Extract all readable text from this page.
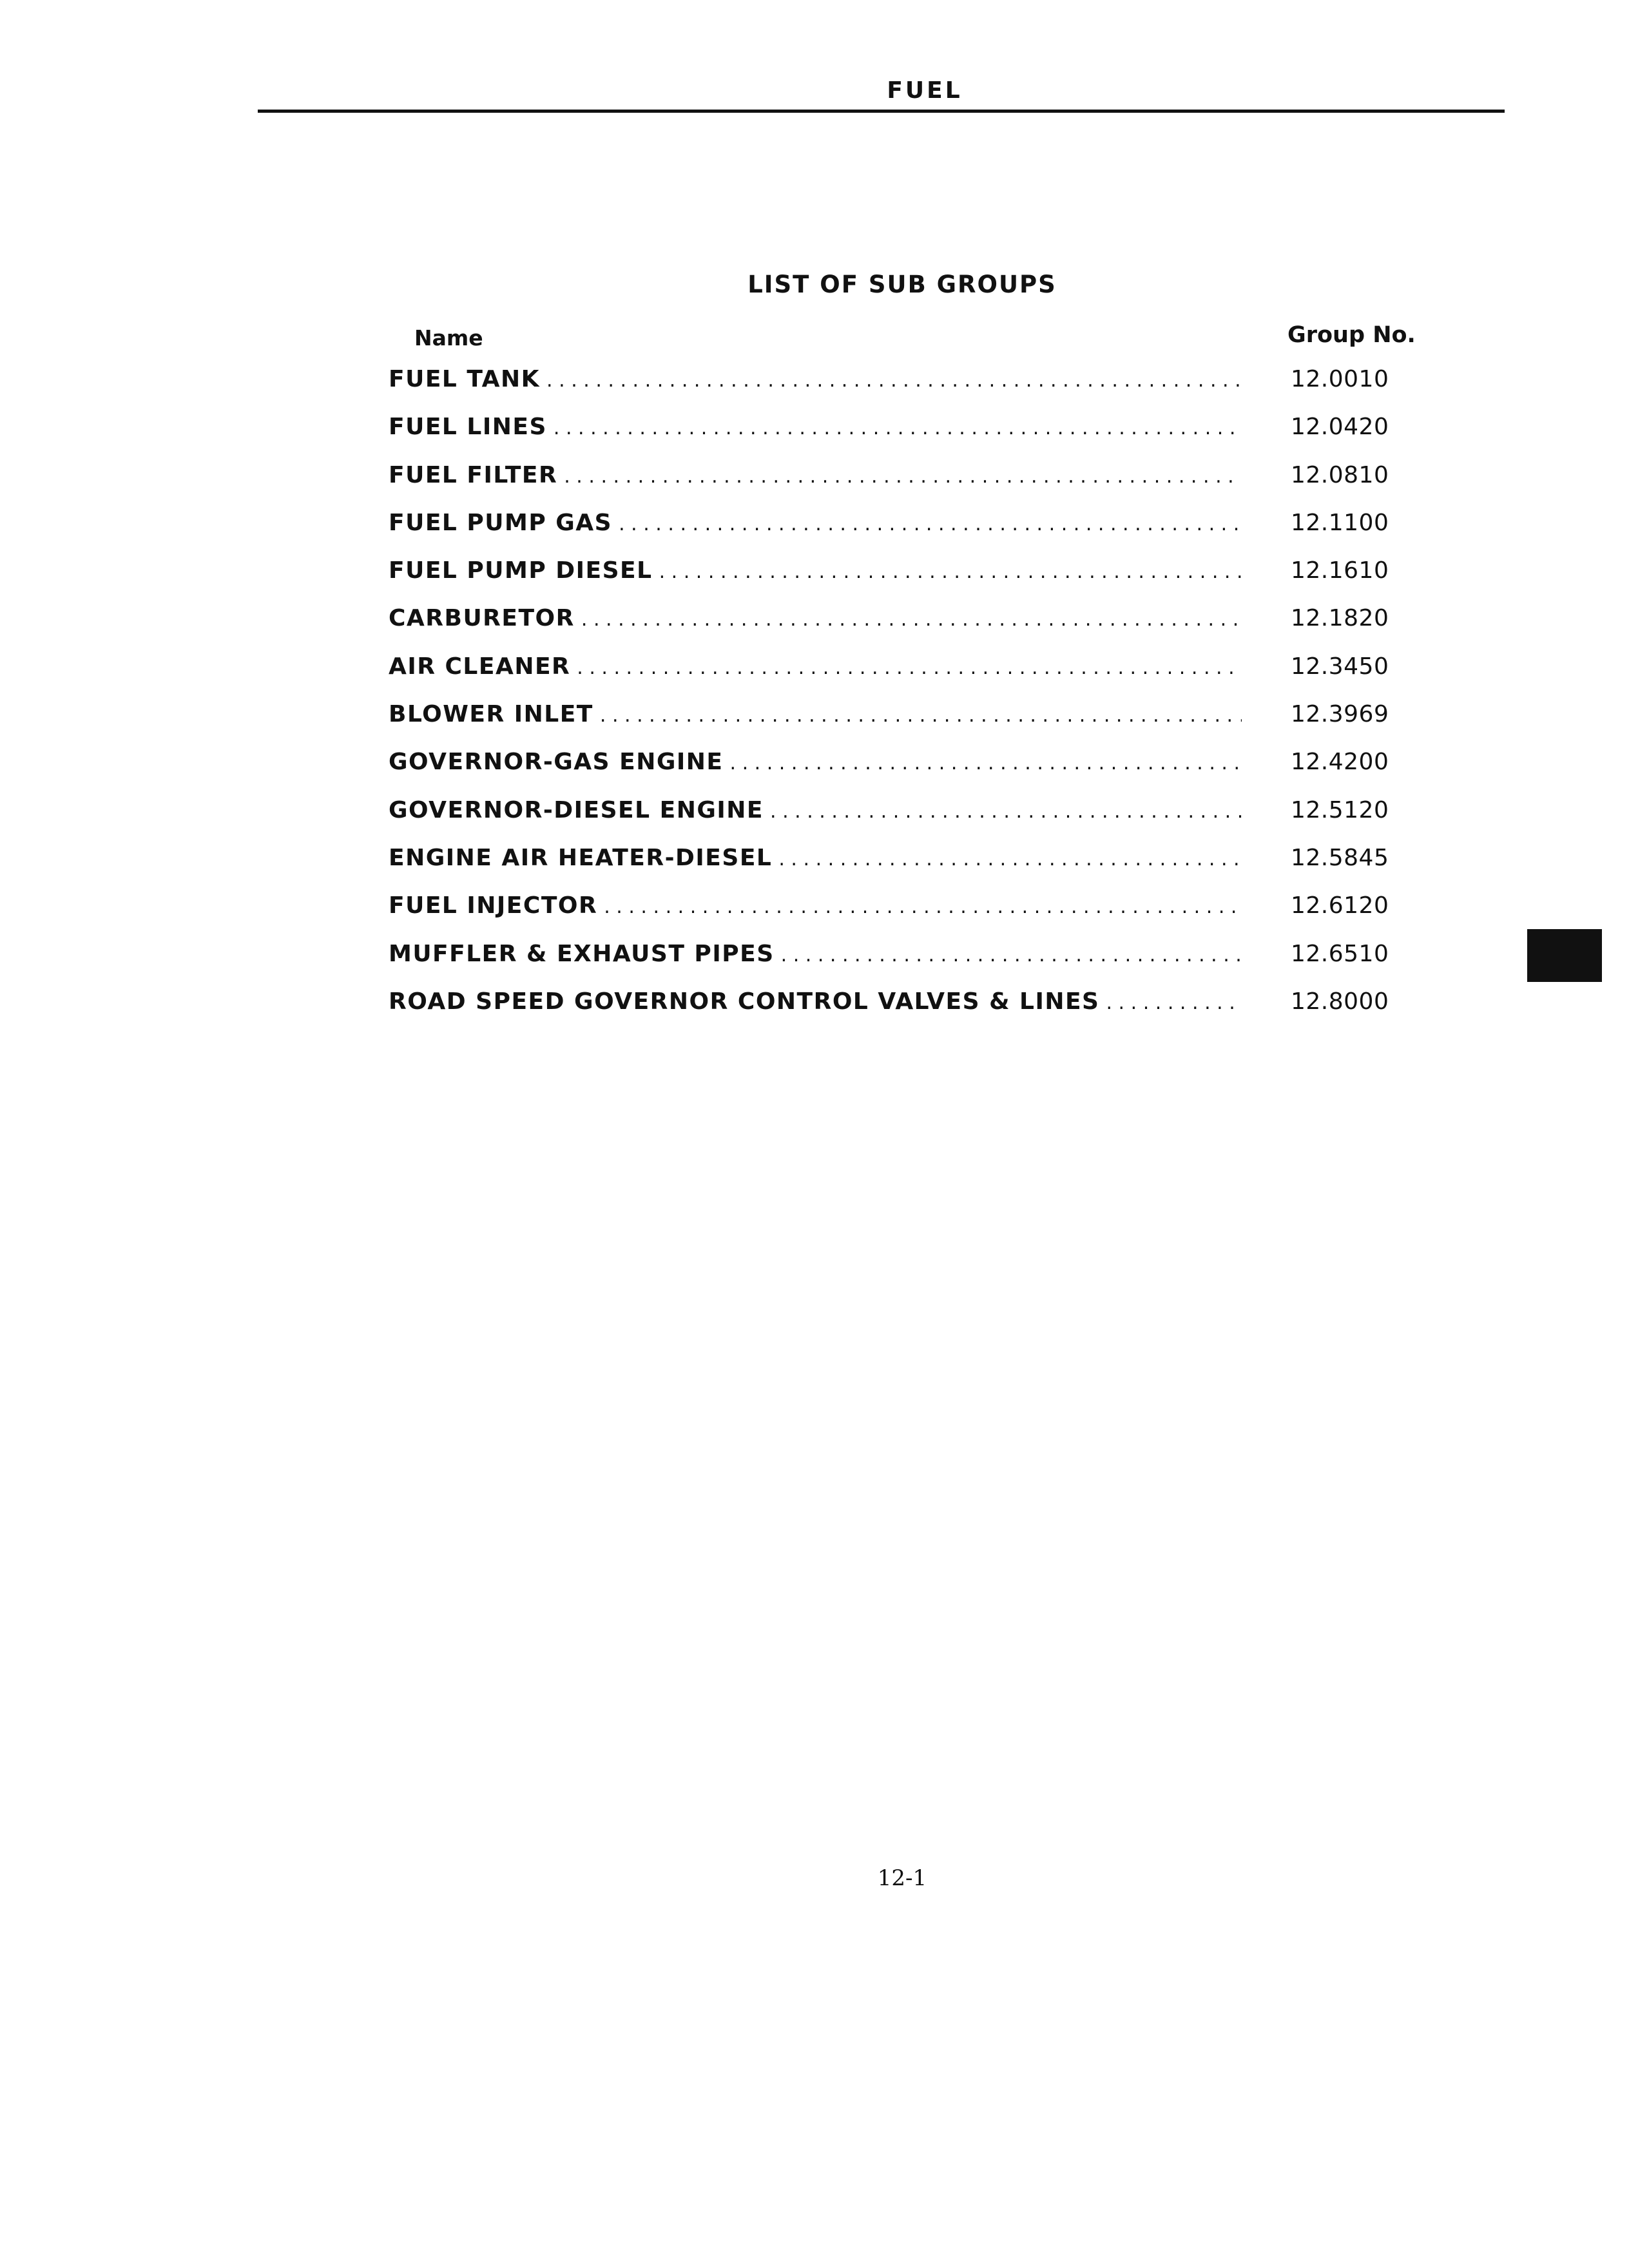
FUEL
LIST OF SUB GROUPS
Name	Group No.
FUEL TANK . . .	12.0010
FUEL LINES . . .	12.0420
FUEL FILTER . . .	12.0810
FUEL PUMP GAS . . .	12.1100
FUEL PUMP DIESEL . . .	12.1610
CARBURETOR . . .	12.1820
AIR CLEANER . . .	12.3450
BLOWER INLET . . .	12.3969
GOVERNOR-GAS ENGINE . . .	12.4200
GOVERNOR-DIESEL ENGINE . . .	12.5120
ENGINE AIR HEATER-DIESEL . . .	12.5845
FUEL INJECTOR . . .	12.6120
MUFFLER & EXHAUST PIPES . . .	12.6510
ROAD SPEED GOVERNOR CONTROL VALVES & LINES . . .	12.8000
12-1
